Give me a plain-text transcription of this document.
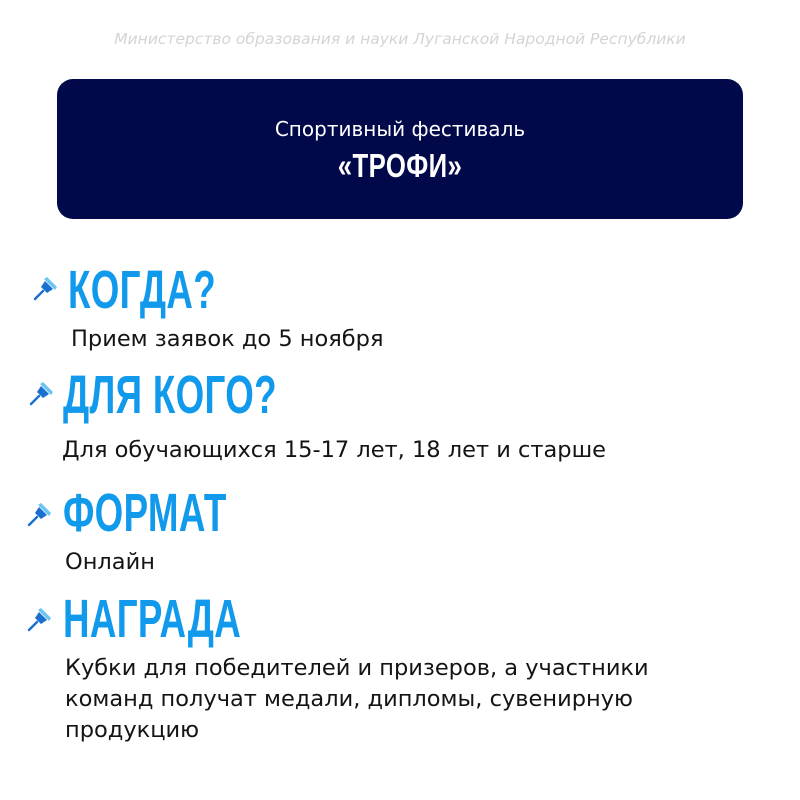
Министерство образования и науки Луганской Народной Республики
Спортивный фестиваль
«ТРОФИ»
КОГДА?
Прием заявок до 5 ноября
ДЛЯ КОГО?
Для обучающихся 15-17 лет, 18 лет и старше
ФОРМАТ
Онлайн
НАГРАДА
Кубки для победителей и призеров, а участники
команд получат медали, дипломы, сувенирную
продукцию
